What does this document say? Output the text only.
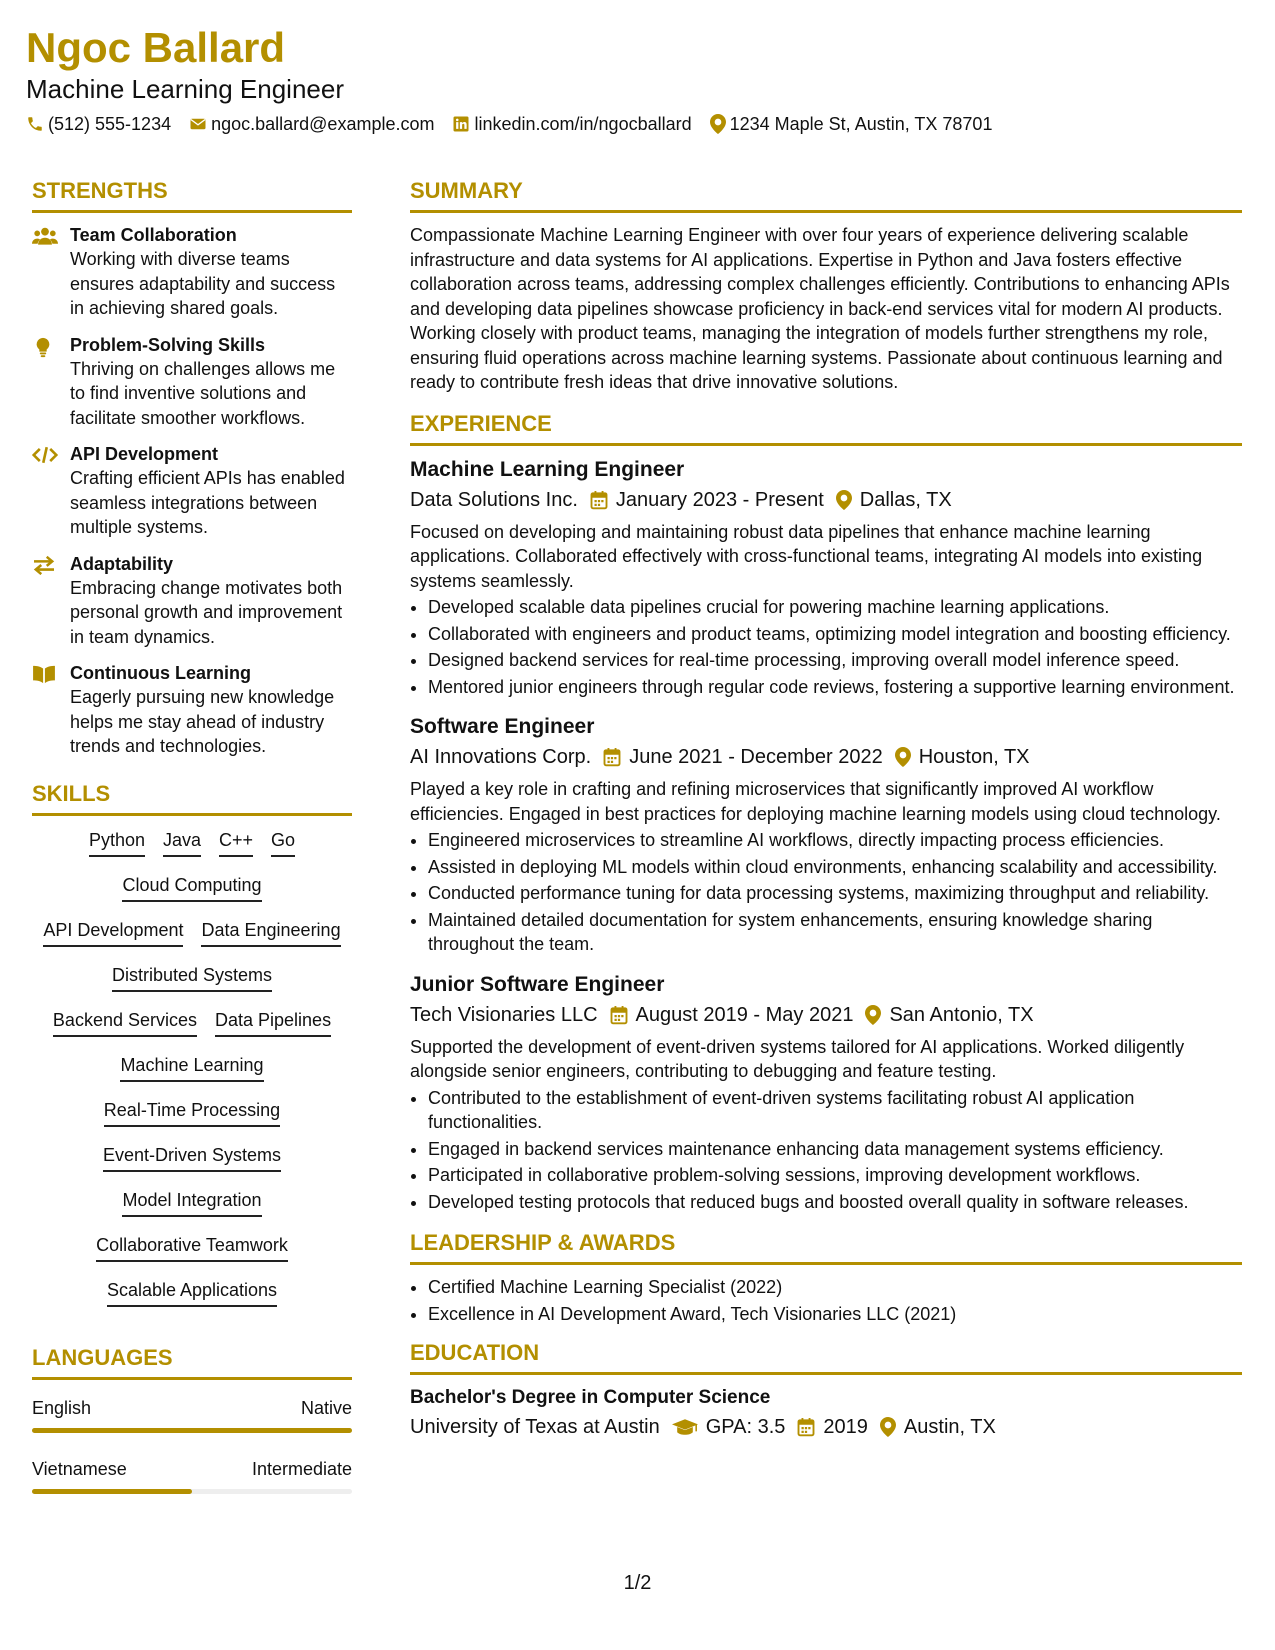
Ngoc Ballard
Machine Learning Engineer
(512) 555-1234 ngoc.ballard@example.com linkedin.com/in/ngocballard 1234 Maple St, Austin, TX 78701
STRENGTHS
Team Collaboration
Working with diverse teams ensures adaptability and success in achieving shared goals.
Problem-Solving Skills
Thriving on challenges allows me to find inventive solutions and facilitate smoother workflows.
API Development
Crafting efficient APIs has enabled seamless integrations between multiple systems.
Adaptability
Embracing change motivates both personal growth and improvement in team dynamics.
Continuous Learning
Eagerly pursuing new knowledge helps me stay ahead of industry trends and technologies.
SKILLS
Python Java C++ Go
Cloud Computing
API Development Data Engineering
Distributed Systems
Backend Services Data Pipelines
Machine Learning
Real-Time Processing
Event-Driven Systems
Model Integration
Collaborative Teamwork
Scalable Applications
LANGUAGES
English	Native
Vietnamese	Intermediate
SUMMARY

Compassionate Machine Learning Engineer with over four years of experience delivering scalable infrastructure and data systems for AI applications. Expertise in Python and Java fosters effective collaboration across teams, addressing complex challenges efficiently. Contributions to enhancing APIs and developing data pipelines showcase proficiency in back-end services vital for modern AI products. Working closely with product teams, managing the integration of models further strengthens my role, ensuring fluid operations across machine learning systems. Passionate about continuous learning and ready to contribute fresh ideas that drive innovative solutions.

EXPERIENCE
Machine Learning Engineer
Data Solutions Inc. January 2023 - Present Dallas, TX

Focused on developing and maintaining robust data pipelines that enhance machine learning applications. Collaborated effectively with cross-functional teams, integrating AI models into existing systems seamlessly.

• Developed scalable data pipelines crucial for powering machine learning applications.
• Collaborated with engineers and product teams, optimizing model integration and boosting efficiency.
• Designed backend services for real-time processing, improving overall model inference speed.
• Mentored junior engineers through regular code reviews, fostering a supportive learning environment.
Software Engineer
AI Innovations Corp. June 2021 - December 2022 Houston, TX

Played a key role in crafting and refining microservices that significantly improved AI workflow efficiencies. Engaged in best practices for deploying machine learning models using cloud technology.

• Engineered microservices to streamline AI workflows, directly impacting process efficiencies.
• Assisted in deploying ML models within cloud environments, enhancing scalability and accessibility.
• Conducted performance tuning for data processing systems, maximizing throughput and reliability.
• Maintained detailed documentation for system enhancements, ensuring knowledge sharing throughout the team.
Junior Software Engineer
Tech Visionaries LLC August 2019 - May 2021 San Antonio, TX

Supported the development of event-driven systems tailored for AI applications. Worked diligently alongside senior engineers, contributing to debugging and feature testing.

• Contributed to the establishment of event-driven systems facilitating robust AI application functionalities.
• Engaged in backend services maintenance enhancing data management systems efficiency.
• Participated in collaborative problem-solving sessions, improving development workflows.
• Developed testing protocols that reduced bugs and boosted overall quality in software releases.
LEADERSHIP & AWARDS
• Certified Machine Learning Specialist (2022)
• Excellence in AI Development Award, Tech Visionaries LLC (2021)
EDUCATION
Bachelor's Degree in Computer Science
University of Texas at Austin GPA: 3.5 2019 Austin, TX
1/2
